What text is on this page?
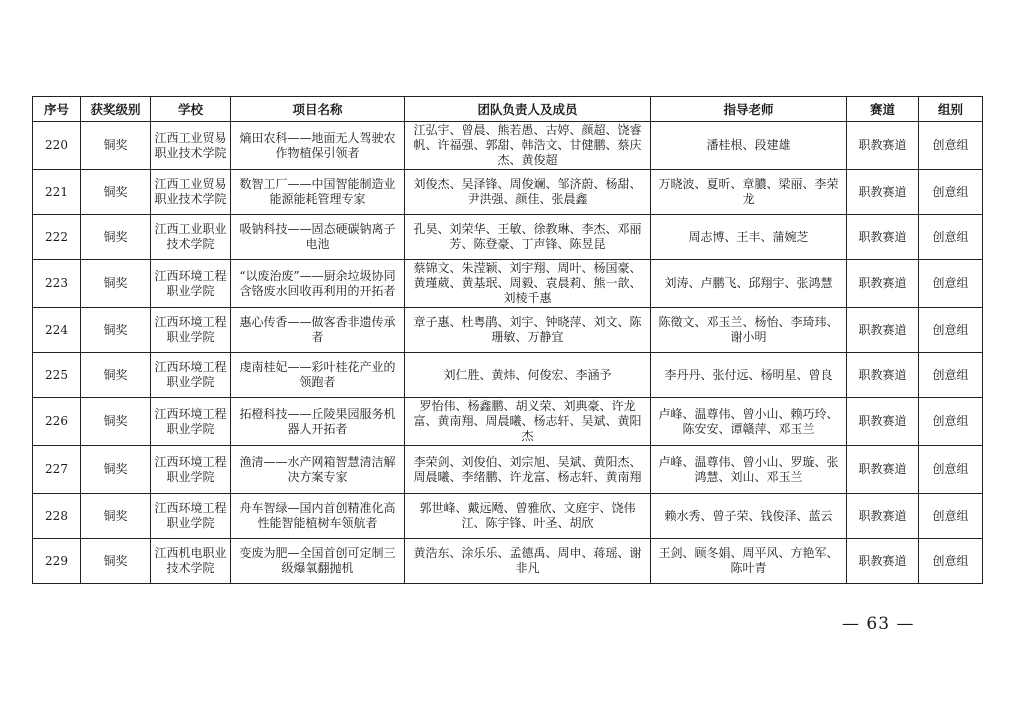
序号	获奖级别	学校	项目名称	团队负责人及成员	指导老师	赛道	组别
220	铜奖	江西工业贸易职业技术学院	熵田农科——地面无人驾驶农作物植保引领者	江弘宇、曾晨、熊若愚、古婷、颜超、饶睿帆、许福强、郭甜、韩浩文、甘健鹏、蔡庆杰、黄俊超	潘桂根、段建雄	职教赛道	创意组
221	铜奖	江西工业贸易职业技术学院	数智工厂——中国智能制造业能源能耗管理专家	刘俊杰、吴泽锋、周俊斓、邹济蔚、杨甜、尹洪强、颜佳、张晨鑫	万晓波、夏昕、章膿、梁丽、李荣龙	职教赛道	创意组
222	铜奖	江西工业职业技术学院	吸钠科技——固态硬碳钠离子电池	孔昊、刘荣华、王敏、徐教琳、李杰、邓丽芳、陈登豪、丁声锋、陈昱昆	周志博、王丰、蒲婉芝	职教赛道	创意组
223	铜奖	江西环境工程职业学院	“以废治废”——厨余垃圾协同含铬废水回收再利用的开拓者	蔡锦文、朱滢颖、刘宇翔、周叶、杨国豪、黄瑾葳、黄基珉、周毅、袁晨莉、熊一歆、刘棱千惠	刘涛、卢鹏飞、邱翔宇、张鸿慧	职教赛道	创意组
224	铜奖	江西环境工程职业学院	惠心传香——做客香非遗传承者	章子惠、杜粤鹃、刘宇、钟晓萍、刘文、陈珊敏、万静宜	陈徵文、邓玉兰、杨怡、李琦玮、谢小明	职教赛道	创意组
225	铜奖	江西环境工程职业学院	虔南桂妃——彩叶桂花产业的领跑者	刘仁胜、黄炜、何俊宏、李涵予	李丹丹、张付远、杨明星、曾良	职教赛道	创意组
226	铜奖	江西环境工程职业学院	拓橙科技——丘陵果园服务机器人开拓者	罗怡伟、杨鑫鹏、胡义荣、刘典豪、许龙富、黄南翔、周晨曦、杨志轩、吴斌、黄阳杰	卢峰、温尊伟、曾小山、赖巧玲、陈安安、谭赣萍、邓玉兰	职教赛道	创意组
227	铜奖	江西环境工程职业学院	渔清——水产网箱智慧清洁解决方案专家	李荣剑、刘俊伯、刘宗旭、吴斌、黄阳杰、周晨曦、李绪鹏、许龙富、杨志轩、黄南翔	卢峰、温尊伟、曾小山、罗璇、张鸿慧、刘山、邓玉兰	职教赛道	创意组
228	铜奖	江西环境工程职业学院	舟车智绿—国内首创精准化高性能智能植树车领航者	郭世峰、戴远飏、曾雅欣、文庭宇、饶伟江、陈宇锋、叶圣、胡欣	赖水秀、曾子荣、钱俊泽、蓝云	职教赛道	创意组
229	铜奖	江西机电职业技术学院	变废为肥—全国首创可定制三级爆氧翻抛机	黄浩东、涂乐乐、孟德禹、周申、蒋瑶、谢非凡	王剑、顾冬娟、周平风、方艳军、陈叶青	职教赛道	创意组
— 63 —
